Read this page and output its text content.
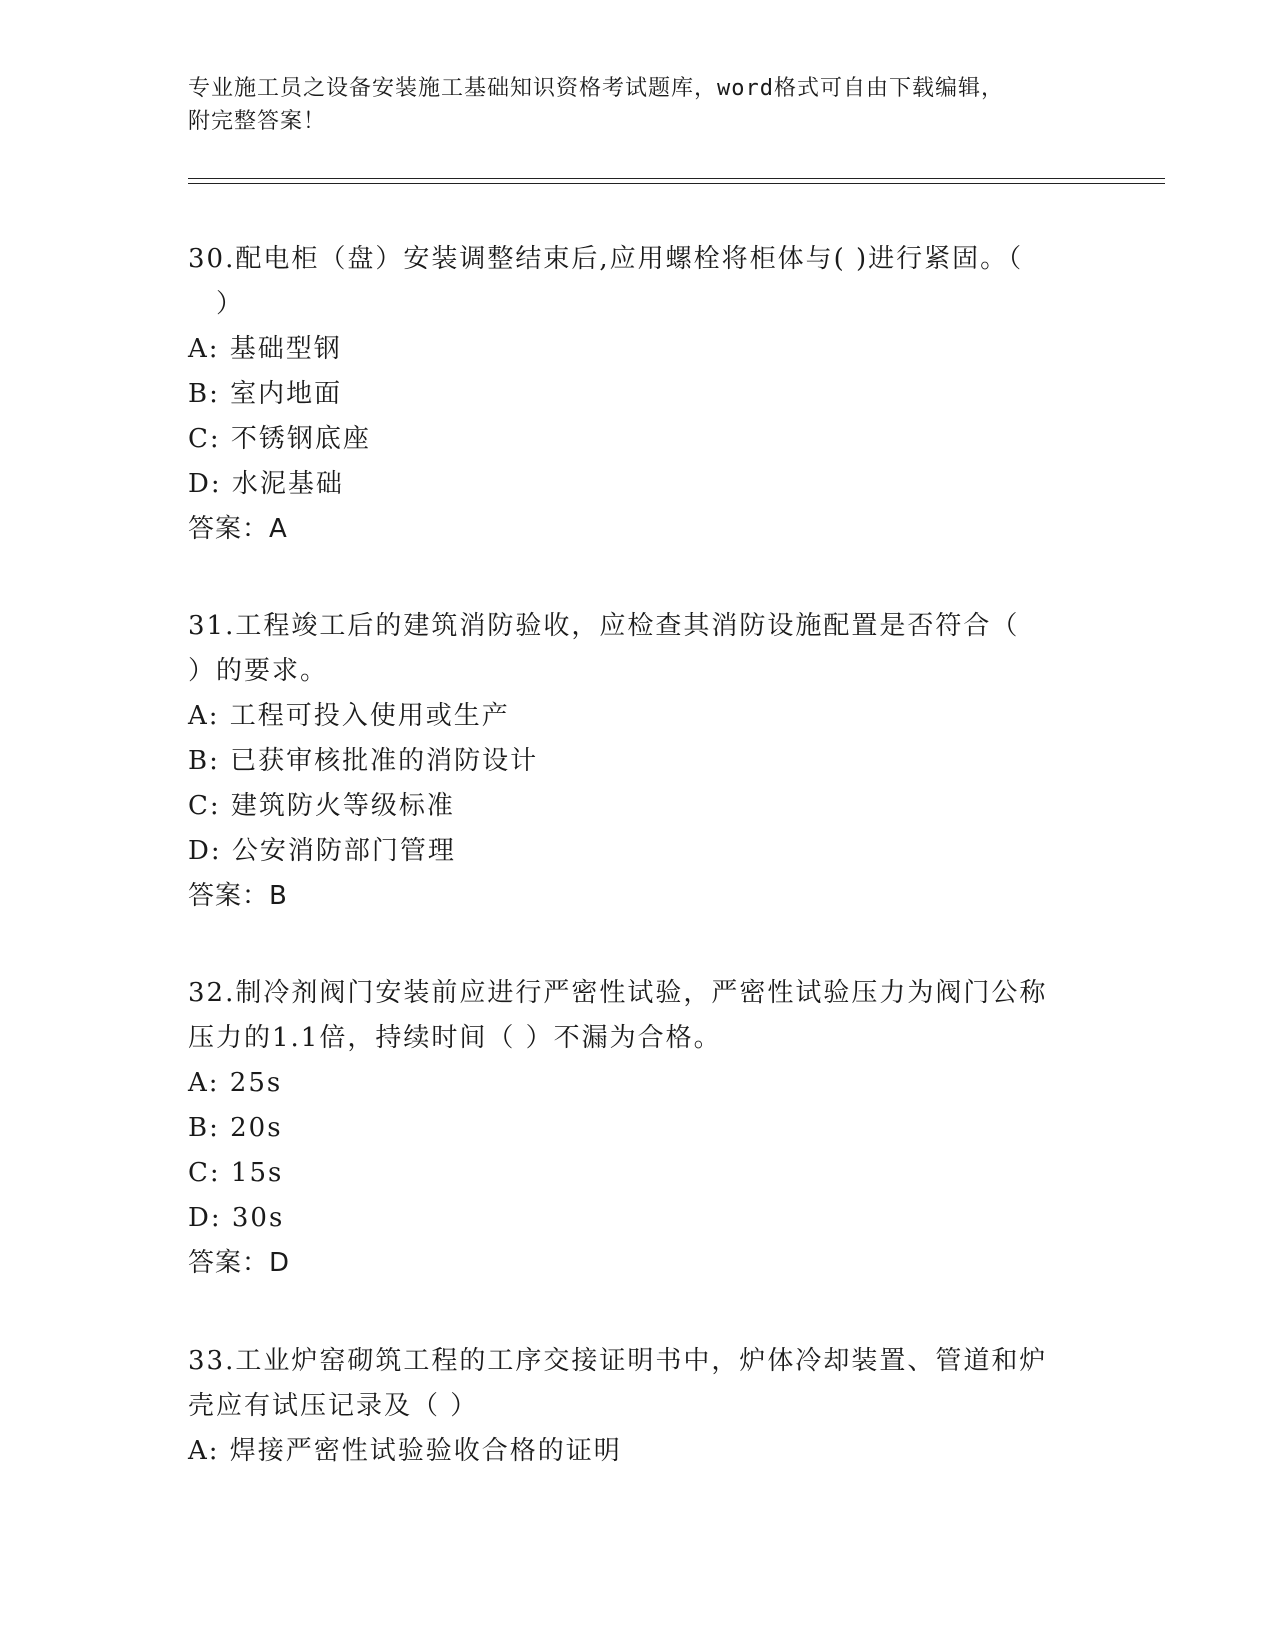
专业施工员之设备安装施工基础知识资格考试题库，word格式可自由下载编辑，
附完整答案！

30.配电柜（盘）安装调整结束后,应用螺栓将柜体与( )进行紧固。（

　）

A: 基础型钢

B: 室内地面

C: 不锈钢底座

D: 水泥基础

答案：A

31.工程竣工后的建筑消防验收，应检查其消防设施配置是否符合（

）的要求。

A: 工程可投入使用或生产

B: 已获审核批准的消防设计

C: 建筑防火等级标准

D: 公安消防部门管理

答案：B

32.制冷剂阀门安装前应进行严密性试验，严密性试验压力为阀门公称

压力的1.1倍，持续时间（ ）不漏为合格。

A: 25s

B: 20s

C: 15s

D: 30s

答案：D

33.工业炉窑砌筑工程的工序交接证明书中，炉体冷却装置、管道和炉

壳应有试压记录及（ ）

A: 焊接严密性试验验收合格的证明
